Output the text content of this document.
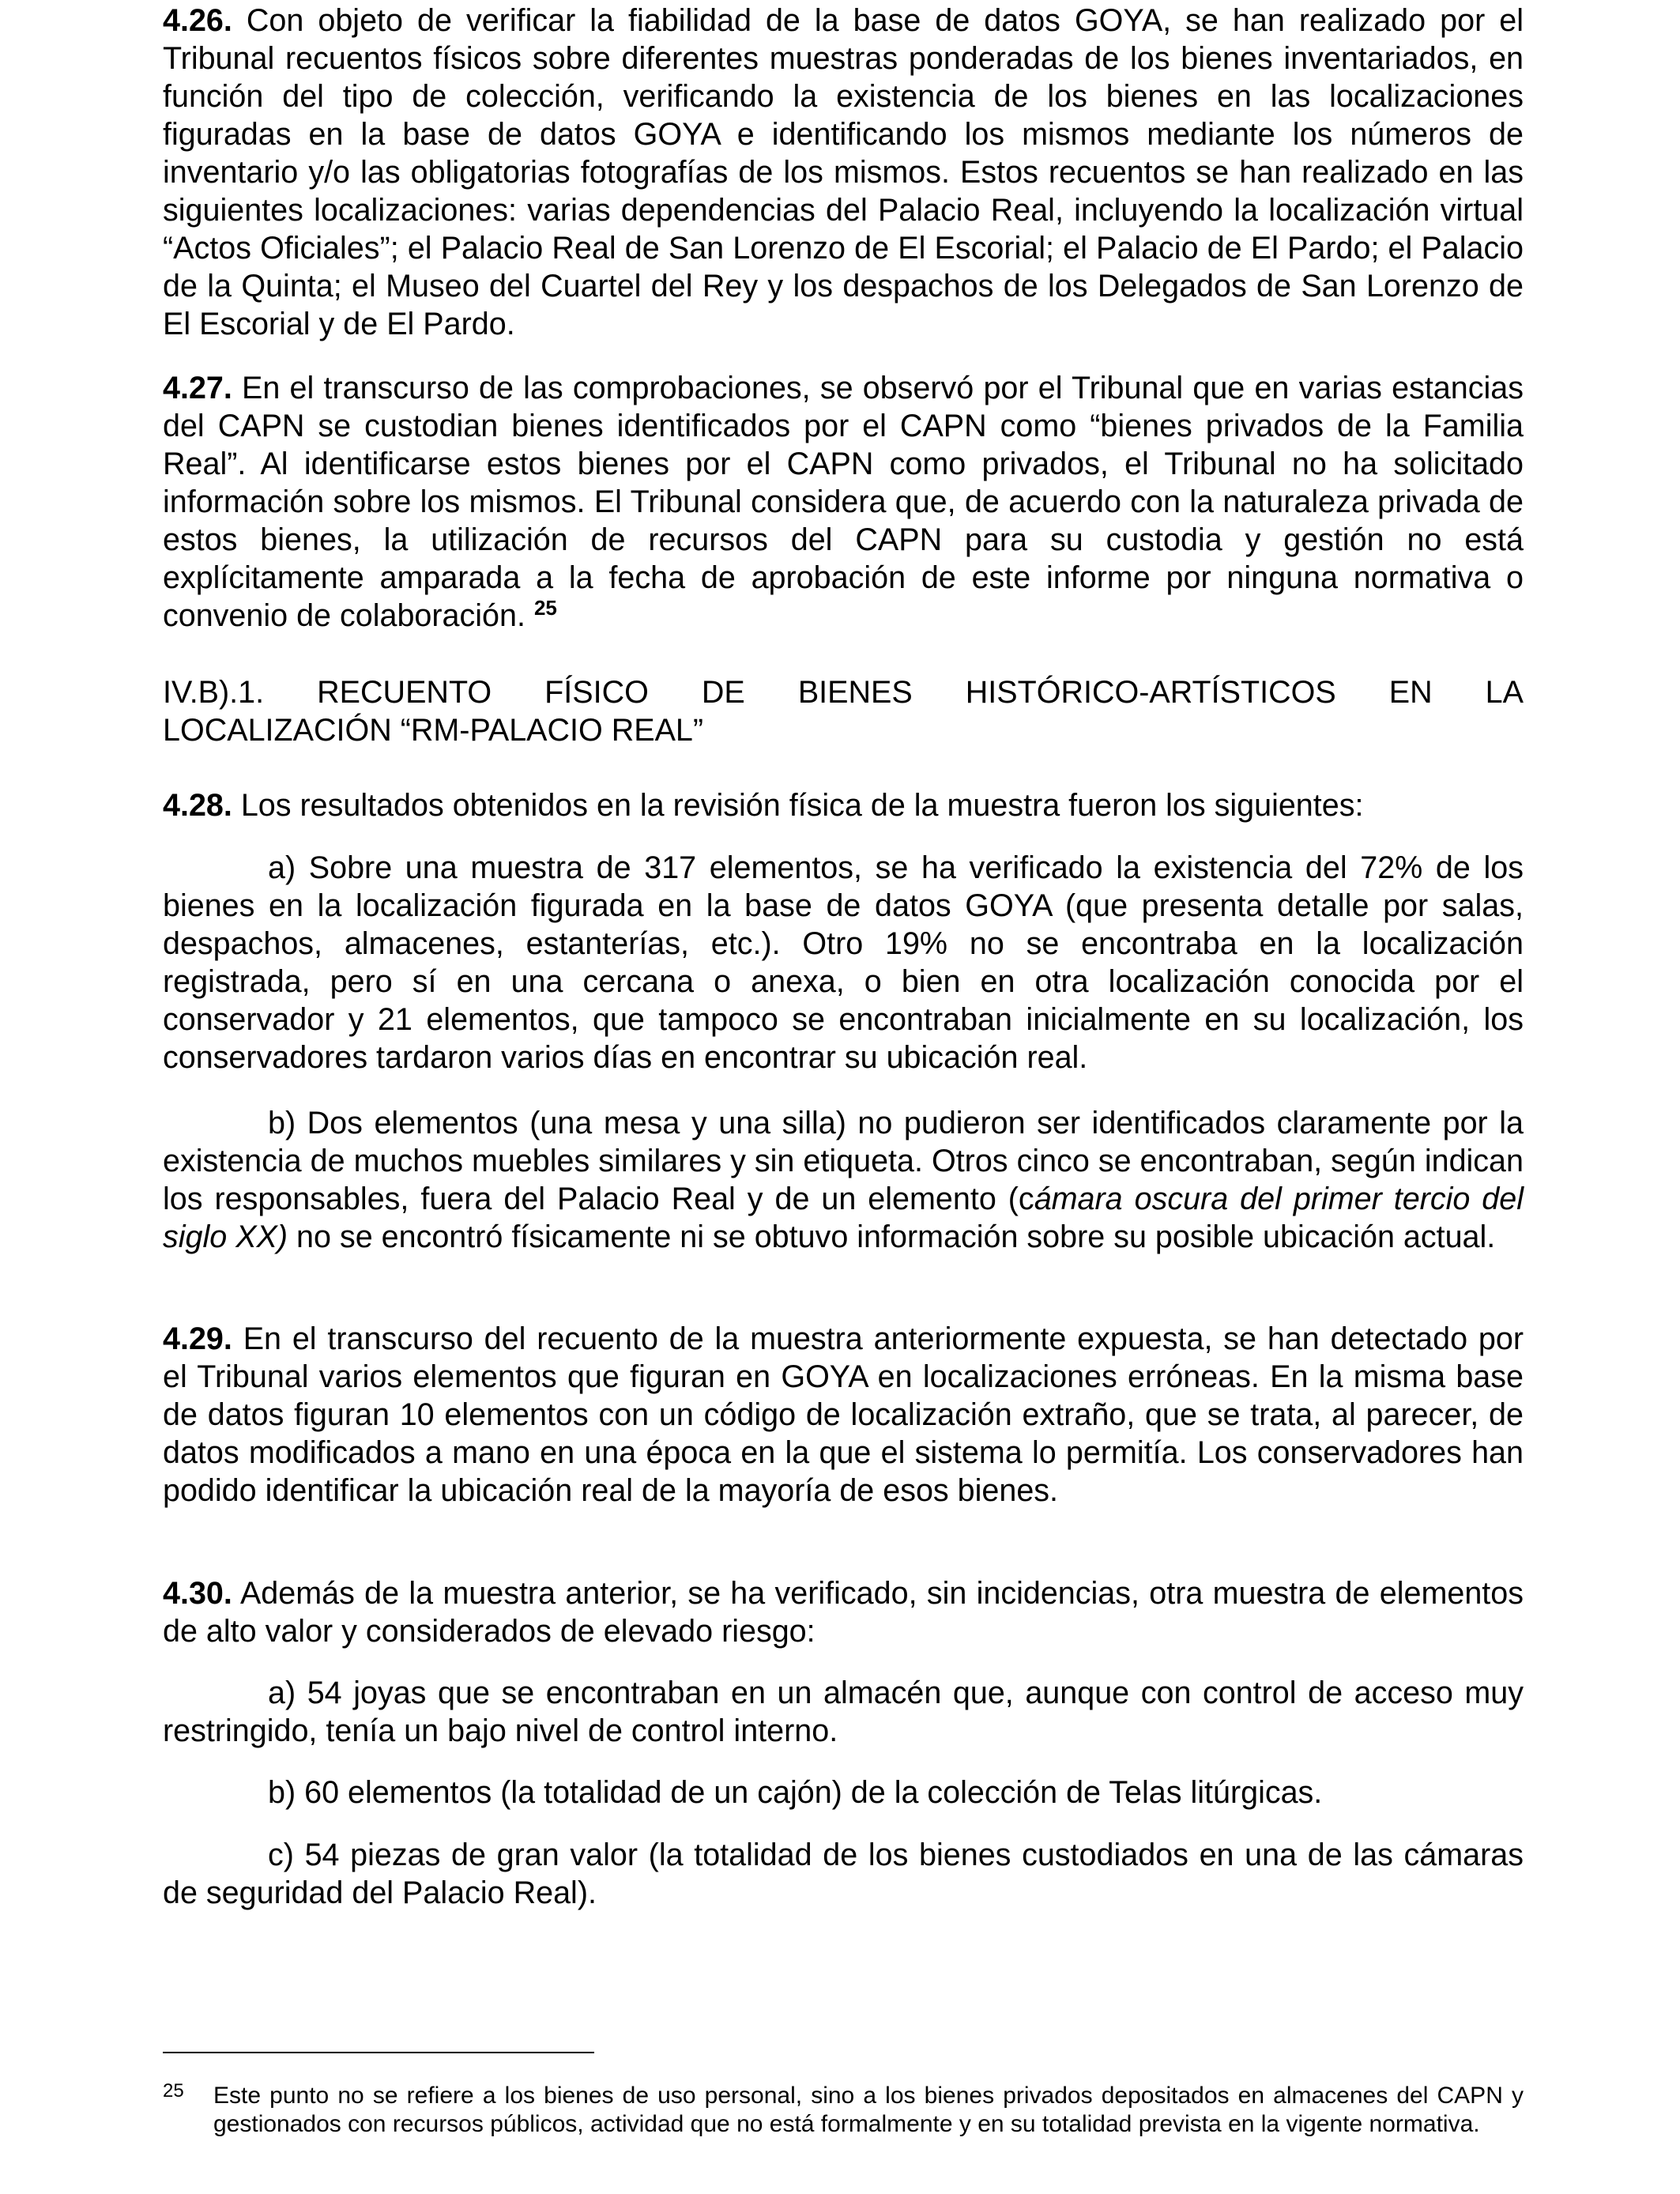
4.26. Con objeto de verificar la fiabilidad de la base de datos GOYA, se han realizado por el Tribunal recuentos físicos sobre diferentes muestras ponderadas de los bienes inventariados, en función del tipo de colección, verificando la existencia de los bienes en las localizaciones figuradas en la base de datos GOYA e identificando los mismos mediante los números de inventario y/o las obligatorias fotografías de los mismos. Estos recuentos se han realizado en las siguientes localizaciones: varias dependencias del Palacio Real, incluyendo la localización virtual “Actos Oficiales”; el Palacio Real de San Lorenzo de El Escorial; el Palacio de El Pardo; el Palacio de la Quinta; el Museo del Cuartel del Rey y los despachos de los Delegados de San Lorenzo de El Escorial y de El Pardo.

4.27. En el transcurso de las comprobaciones, se observó por el Tribunal que en varias estancias del CAPN se custodian bienes identificados por el CAPN como “bienes privados de la Familia Real”. Al identificarse estos bienes por el CAPN como privados, el Tribunal no ha solicitado información sobre los mismos. El Tribunal considera que, de acuerdo con la naturaleza privada de estos bienes, la utilización de recursos del CAPN para su custodia y gestión no está explícitamente amparada a la fecha de aprobación de este informe por ninguna normativa o convenio de colaboración. $^{25}$

IV.B).1. RECUENTO FÍSICO DE BIENES HISTÓRICO-ARTÍSTICOS EN LA
LOCALIZACIÓN “RM-PALACIO REAL”

4.28. Los resultados obtenidos en la revisión física de la muestra fueron los siguientes:

a) Sobre una muestra de 317 elementos, se ha verificado la existencia del 72% de los bienes en la localización figurada en la base de datos GOYA (que presenta detalle por salas, despachos, almacenes, estanterías, etc.). Otro 19% no se encontraba en la localización registrada, pero sí en una cercana o anexa, o bien en otra localización conocida por el conservador y 21 elementos, que tampoco se encontraban inicialmente en su localización, los conservadores tardaron varios días en encontrar su ubicación real.

b) Dos elementos (una mesa y una silla) no pudieron ser identificados claramente por la existencia de muchos muebles similares y sin etiqueta. Otros cinco se encontraban, según indican los responsables, fuera del Palacio Real y de un elemento (cámara oscura del primer tercio del siglo XX) no se encontró físicamente ni se obtuvo información sobre su posible ubicación actual.

4.29. En el transcurso del recuento de la muestra anteriormente expuesta, se han detectado por el Tribunal varios elementos que figuran en GOYA en localizaciones erróneas. En la misma base de datos figuran 10 elementos con un código de localización extraño, que se trata, al parecer, de datos modificados a mano en una época en la que el sistema lo permitía. Los conservadores han podido identificar la ubicación real de la mayoría de esos bienes.

4.30. Además de la muestra anterior, se ha verificado, sin incidencias, otra muestra de elementos de alto valor y considerados de elevado riesgo:

a) 54 joyas que se encontraban en un almacén que, aunque con control de acceso muy restringido, tenía un bajo nivel de control interno.

b) 60 elementos (la totalidad de un cajón) de la colección de Telas litúrgicas.

c) 54 piezas de gran valor (la totalidad de los bienes custodiados en una de las cámaras de seguridad del Palacio Real).

25 Este punto no se refiere a los bienes de uso personal, sino a los bienes privados depositados en almacenes del CAPN y gestionados con recursos públicos, actividad que no está formalmente y en su totalidad prevista en la vigente normativa.
